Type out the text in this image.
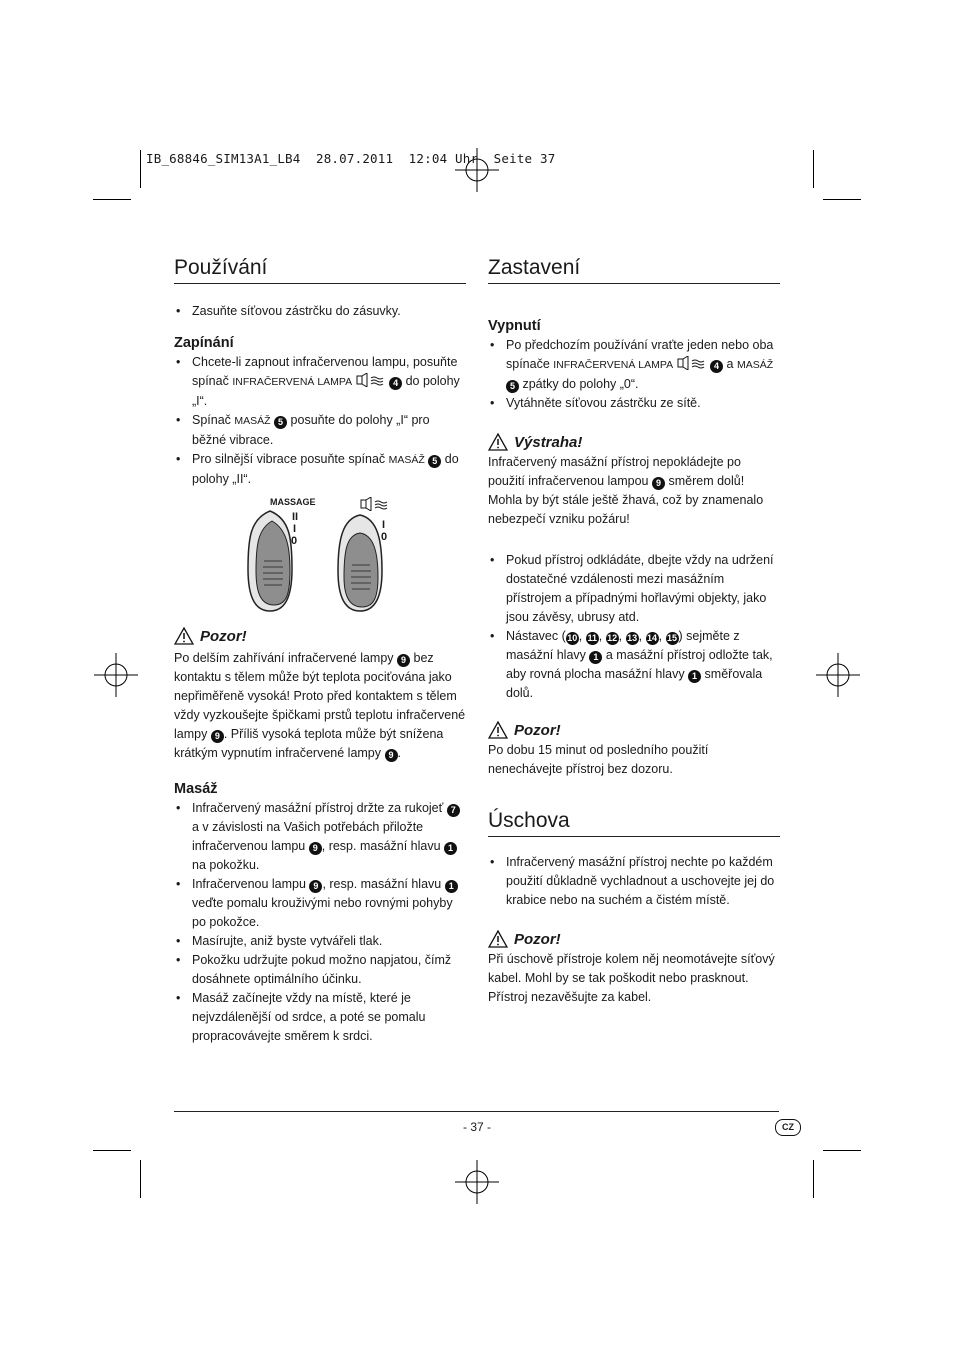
IB_68846_SIM13A1_LB4  28.07.2011  12:04 Uhr  Seite 37
Používání
• Zasuňte síťovou zástrčku do zásuvky.
Zapínání
• Chcete-li zapnout infračervenou lampu, posuňte spínač INFRAČERVENÁ LAMPA	4 do polohy „I“.
• Spínač MASÁŽ 5 posuňte do polohy „I“ pro běžné vibrace.
• Pro silnější vibrace posuňte spínač MASÁŽ 5 do polohy „II“.
MASSAGE
II
I
0
I
0
Pozor!

Po delším zahřívání infračervené lampy 9 bez kontaktu s tělem může být teplota pociťována jako nepřiměřeně vysoká! Proto před kontaktem s tělem vždy vyzkoušejte špičkami prstů teplotu infračervené lampy 9 . Příliš vysoká teplota může být snížena krátkým vypnutím infračervené lampy 9 .

Masáž
• Infračervený masážní přístroj držte za rukojeť 7 a v závislosti na Vašich potřebách přiložte infračervenou lampu 9 , resp. masážní hlavu 1 na pokožku.
• Infračervenou lampu 9 , resp. masážní hlavu 1 veďte pomalu krouživými nebo rovnými pohyby po pokožce.
• Masírujte, aniž byste vytvářeli tlak.
• Pokožku udržujte pokud možno napjatou, čímž dosáhnete optimálního účinku.
• Masáž začínejte vždy na místě, které je nejvzdálenější od srdce, a poté se pomalu propracovávejte směrem k srdci.
Zastavení
Vypnutí
• Po předchozím používání vraťte jeden nebo oba spínače INFRAČERVENÁ LAMPA	4 a MASÁŽ 5 zpátky do polohy „0“.
• Vytáhněte síťovou zástrčku ze sítě.
Výstraha!

Infračervený masážní přístroj nepokládejte po použití infračervenou lampou 9 směrem dolů! Mohla by být stále ještě žhavá, což by znamenalo nebezpečí vzniku požáru!

• Pokud přístroj odkládáte, dbejte vždy na udržení dostatečné vzdálenosti mezi masážním přístrojem a případnými hořlavými objekty, jako jsou závěsy, ubrusy atd.
• Nástavec (10 , 11 , 12 , 13 , 14 , 15 ) sejměte z masážní hlavy 1 a masážní přístroj odložte tak, aby rovná plocha masážní hlavy 1 směřovala dolů.
Pozor!

Po dobu 15 minut od posledního použití nenechávejte přístroj bez dozoru.

Úschova
• Infračervený masážní přístroj nechte po každém použití důkladně vychladnout a uschovejte jej do krabice nebo na suchém a čistém místě.
Pozor!

Při úschově přístroje kolem něj neomotávejte síťový kabel. Mohl by se tak poškodit nebo prasknout. Přístroj nezavěšujte za kabel.

- 37 -	CZ
